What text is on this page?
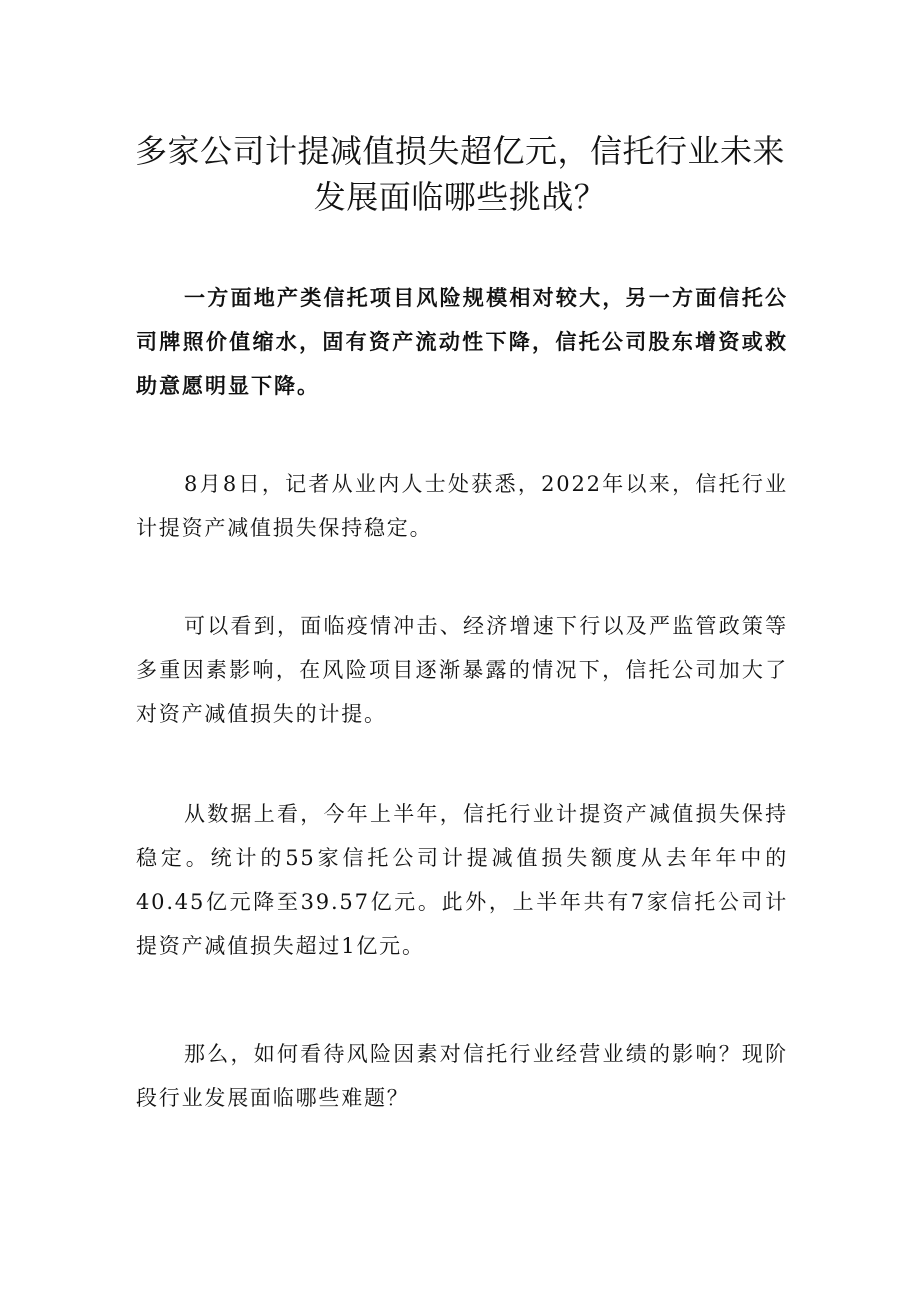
多家公司计提减值损失超亿元，信托行业未来发展面临哪些挑战？

一方面地产类信托项目风险规模相对较大，另一方面信托公司牌照价值缩水，固有资产流动性下降，信托公司股东增资或救助意愿明显下降。

8月8日，记者从业内人士处获悉，2022年以来，信托行业计提资产减值损失保持稳定。

可以看到，面临疫情冲击、经济增速下行以及严监管政策等多重因素影响，在风险项目逐渐暴露的情况下，信托公司加大了对资产减值损失的计提。

从数据上看，今年上半年，信托行业计提资产减值损失保持稳定。统计的55家信托公司计提减值损失额度从去年年中的40.45亿元降至39.57亿元。此外，上半年共有7家信托公司计提资产减值损失超过1亿元。

那么，如何看待风险因素对信托行业经营业绩的影响？现阶段行业发展面临哪些难题？
